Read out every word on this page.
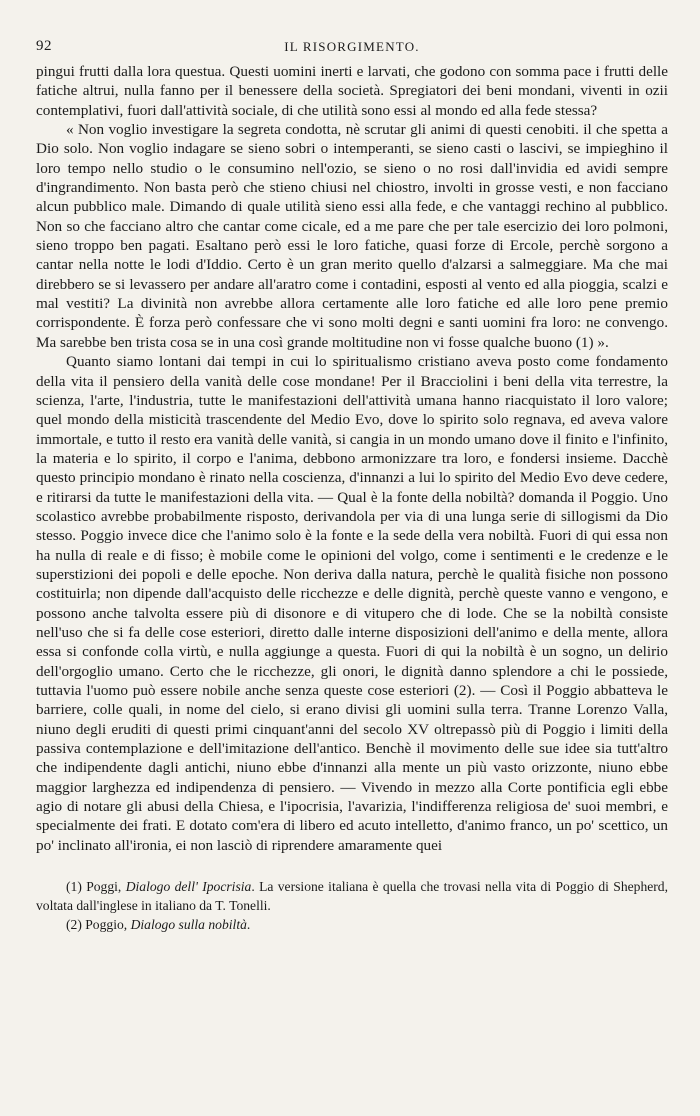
92	IL RISORGIMENTO.

pingui frutti dalla lora questua. Questi uomini inerti e larvati, che godono con somma pace i frutti delle fatiche altrui, nulla fanno per il benessere della società. Spregiatori dei beni mondani, viventi in ozii contemplativi, fuori dall'attività sociale, di che utilità sono essi al mondo ed alla fede stessa?

« Non voglio investigare la segreta condotta, nè scrutar gli animi di questi cenobiti. il che spetta a Dio solo. Non voglio indagare se sieno sobri o intemperanti, se sieno casti o lascivi, se impieghino il loro tempo nello studio o le consumino nell'ozio, se sieno o no rosi dall'invidia ed avidi sempre d'ingrandimento. Non basta però che stieno chiusi nel chiostro, involti in grosse vesti, e non facciano alcun pubblico male. Dimando di quale utilità sieno essi alla fede, e che vantaggi rechino al pubblico. Non so che facciano altro che cantar come cicale, ed a me pare che per tale esercizio dei loro polmoni, sieno troppo ben pagati. Esaltano però essi le loro fatiche, quasi forze di Ercole, perchè sorgono a cantar nella notte le lodi d'Iddio. Certo è un gran merito quello d'alzarsi a salmeggiare. Ma che mai direbbero se si levassero per andare all'aratro come i contadini, esposti al vento ed alla pioggia, scalzi e mal vestiti? La divinità non avrebbe allora certamente alle loro fatiche ed alle loro pene premio corrispondente. È forza però confessare che vi sono molti degni e santi uomini fra loro: ne convengo. Ma sarebbe ben trista cosa se in una così grande moltitudine non vi fosse qualche buono (1) ».

Quanto siamo lontani dai tempi in cui lo spiritualismo cristiano aveva posto come fondamento della vita il pensiero della vanità delle cose mondane! Per il Bracciolini i beni della vita terrestre, la scienza, l'arte, l'industria, tutte le manifestazioni dell'attività umana hanno riacquistato il loro valore; quel mondo della misticità trascendente del Medio Evo, dove lo spirito solo regnava, ed aveva valore immortale, e tutto il resto era vanità delle vanità, si cangia in un mondo umano dove il finito e l'infinito, la materia e lo spirito, il corpo e l'anima, debbono armonizzare tra loro, e fondersi insieme. Dacchè questo principio mondano è rinato nella coscienza, d'innanzi a lui lo spirito del Medio Evo deve cedere, e ritirarsi da tutte le manifestazioni della vita. — Qual è la fonte della nobiltà? domanda il Poggio. Uno scolastico avrebbe probabilmente risposto, derivandola per via di una lunga serie di sillogismi da Dio stesso. Poggio invece dice che l'animo solo è la fonte e la sede della vera nobiltà. Fuori di qui essa non ha nulla di reale e di fisso; è mobile come le opinioni del volgo, come i sentimenti e le credenze e le superstizioni dei popoli e delle epoche. Non deriva dalla natura, perchè le qualità fisiche non possono costituirla; non dipende dall'acquisto delle ricchezze e delle dignità, perchè queste vanno e vengono, e possono anche talvolta essere più di disonore e di vitupero che di lode. Che se la nobiltà consiste nell'uso che si fa delle cose esteriori, diretto dalle interne disposizioni dell'animo e della mente, allora essa si confonde colla virtù, e nulla aggiunge a questa. Fuori di qui la nobiltà è un sogno, un delirio dell'orgoglio umano. Certo che le ricchezze, gli onori, le dignità danno splendore a chi le possiede, tuttavia l'uomo può essere nobile anche senza queste cose esteriori (2). — Così il Poggio abbatteva le barriere, colle quali, in nome del cielo, si erano divisi gli uomini sulla terra. Tranne Lorenzo Valla, niuno degli eruditi di questi primi cinquant'anni del secolo XV oltrepassò più di Poggio i limiti della passiva contemplazione e dell'imitazione dell'antico. Benchè il movimento delle sue idee sia tutt'altro che indipendente dagli antichi, niuno ebbe d'innanzi alla mente un più vasto orizzonte, niuno ebbe maggior larghezza ed indipendenza di pensiero. — Vivendo in mezzo alla Corte pontificia egli ebbe agio di notare gli abusi della Chiesa, e l'ipocrisia, l'avarizia, l'indifferenza religiosa de' suoi membri, e specialmente dei frati. E dotato com'era di libero ed acuto intelletto, d'animo franco, un po' scettico, un po' inclinato all'ironia, ei non lasciò di riprendere amaramente quei

(1) Poggi, Dialogo dell' Ipocrisia. La versione italiana è quella che trovasi nella vita di Poggio di Shepherd, voltata dall'inglese in italiano da T. Tonelli.

(2) Poggio, Dialogo sulla nobiltà.
